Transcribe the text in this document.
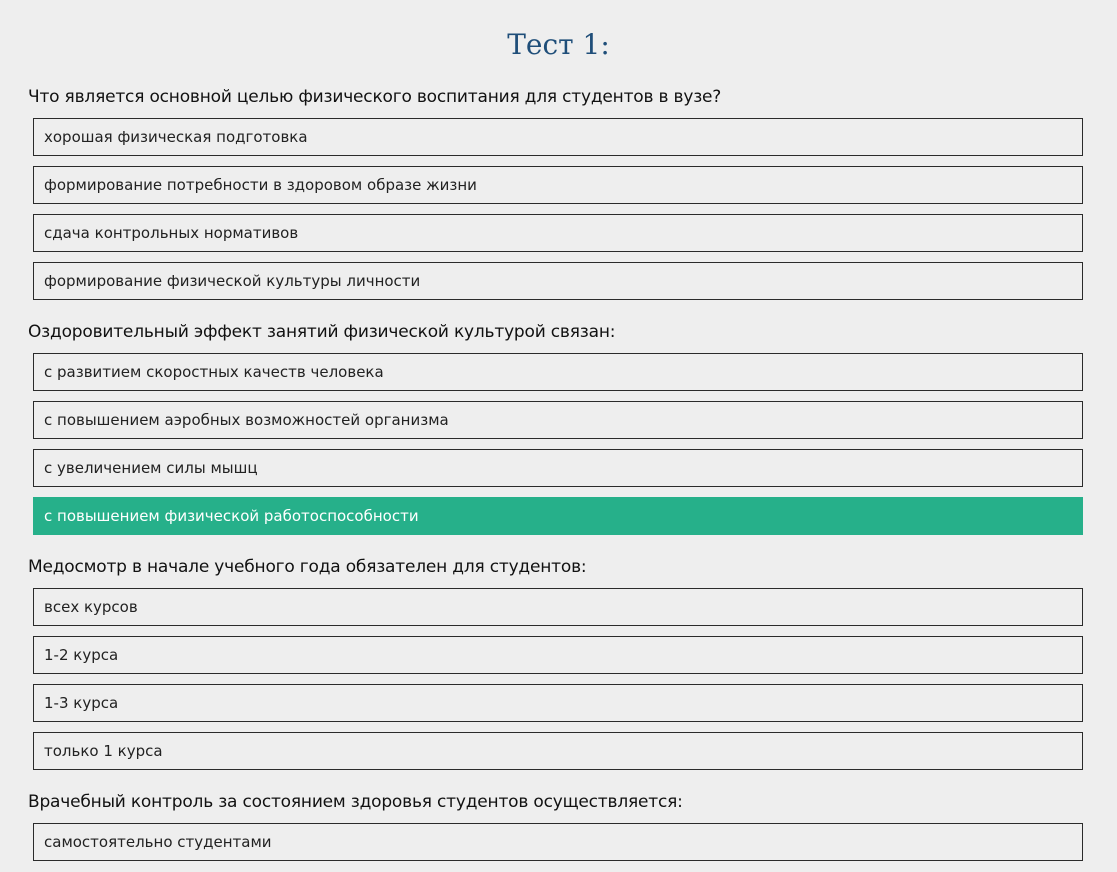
Тест 1:
Что является основной целью физического воспитания для студентов в вузе?
хорошая физическая подготовка
формирование потребности в здоровом образе жизни
сдача контрольных нормативов
формирование физической культуры личности
Оздоровительный эффект занятий физической культурой связан:
с развитием скоростных качеств человека
с повышением аэробных возможностей организма
с увеличением силы мышц
с повышением физической работоспособности
Медосмотр в начале учебного года обязателен для студентов:
всех курсов
1-2 курса
1-3 курса
только 1 курса
Врачебный контроль за состоянием здоровья студентов осуществляется:
самостоятельно студентами
